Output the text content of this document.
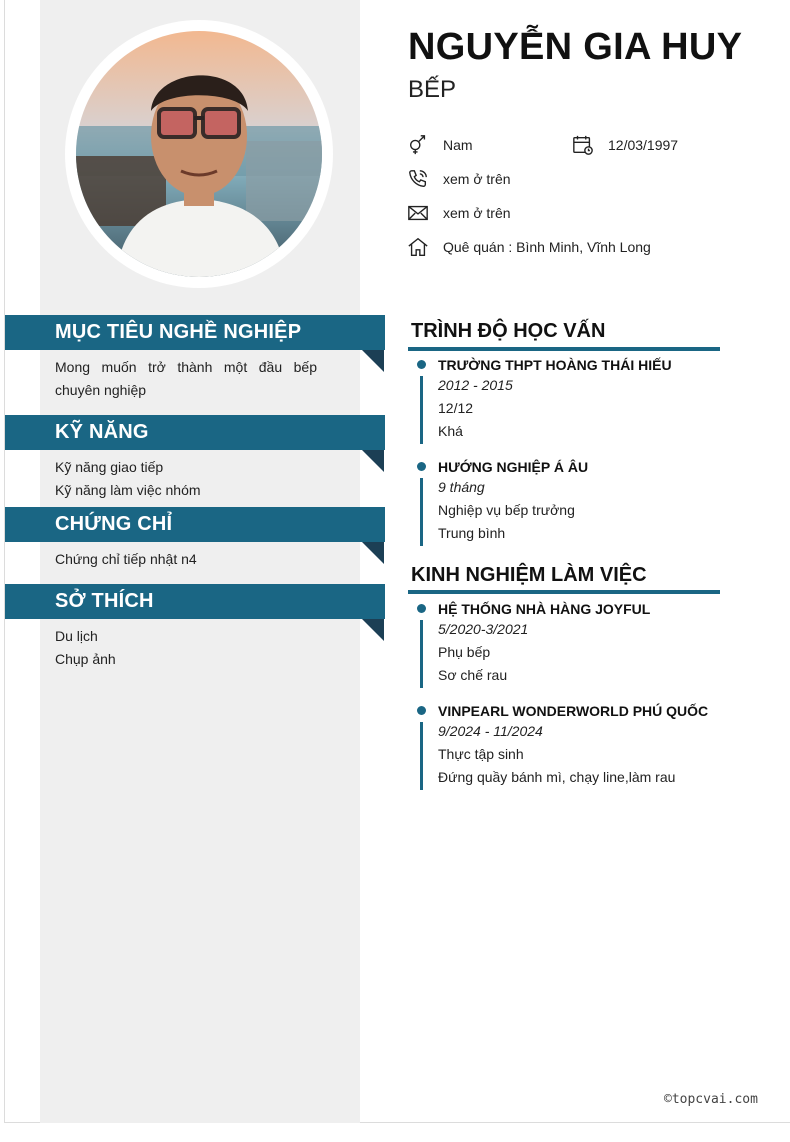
MỤC TIÊU NGHỀ NGHIỆP
Mong muốn trở thành một đầu bếp chuyên nghiệp
KỸ NĂNG
Kỹ năng giao tiếp
Kỹ năng làm việc nhóm
CHỨNG CHỈ
Chứng chỉ tiếp nhật n4
SỞ THÍCH
Du lịch
Chụp ảnh
NGUYỄN GIA HUY
BẾP
Nam	12/03/1997
xem ở trên
xem ở trên
Quê quán : Bình Minh, Vĩnh Long
TRÌNH ĐỘ HỌC VẤN
TRƯỜNG THPT HOÀNG THÁI HIẾU
2012 - 2015
12/12
Khá
HƯỚNG NGHIỆP Á ÂU
9 tháng
Nghiệp vụ bếp trưởng
Trung bình
KINH NGHIỆM LÀM VIỆC
HỆ THỐNG NHÀ HÀNG JOYFUL
5/2020-3/2021
Phụ bếp
Sơ chế rau
VINPEARL WONDERWORLD PHÚ QUỐC
9/2024 - 11/2024
Thực tập sinh
Đứng quầy bánh mì, chạy line,làm rau
©topcvai.com
